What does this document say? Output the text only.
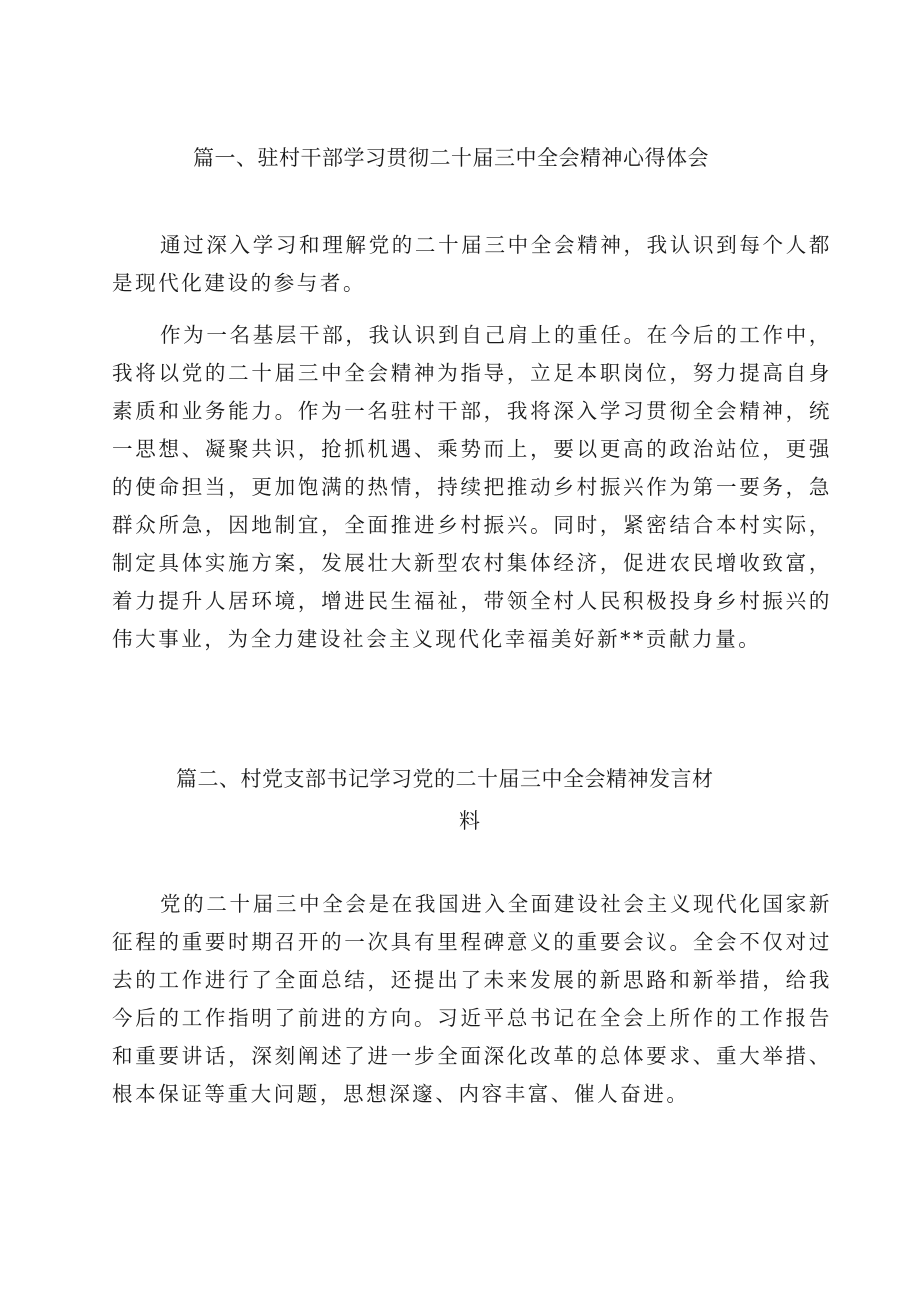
篇一、驻村干部学习贯彻二十届三中全会精神心得体会
通过深入学习和理解党的二十届三中全会精神，我认识到每个人都是现代化建设的参与者。
作为一名基层干部，我认识到自己肩上的重任。在今后的工作中，我将以党的二十届三中全会精神为指导，立足本职岗位，努力提高自身素质和业务能力。作为一名驻村干部，我将深入学习贯彻全会精神，统一思想、凝聚共识，抢抓机遇、乘势而上，要以更高的政治站位，更强的使命担当，更加饱满的热情，持续把推动乡村振兴作为第一要务，急群众所急，因地制宜，全面推进乡村振兴。同时，紧密结合本村实际，制定具体实施方案，发展壮大新型农村集体经济，促进农民增收致富，着力提升人居环境，增进民生福祉，带领全村人民积极投身乡村振兴的伟大事业，为全力建设社会主义现代化幸福美好新**贡献力量。
篇二、村党支部书记学习党的二十届三中全会精神发言材
料
党的二十届三中全会是在我国进入全面建设社会主义现代化国家新征程的重要时期召开的一次具有里程碑意义的重要会议。全会不仅对过去的工作进行了全面总结，还提出了未来发展的新思路和新举措，给我今后的工作指明了前进的方向。习近平总书记在全会上所作的工作报告和重要讲话，深刻阐述了进一步全面深化改革的总体要求、重大举措、根本保证等重大问题，思想深邃、内容丰富、催人奋进。
